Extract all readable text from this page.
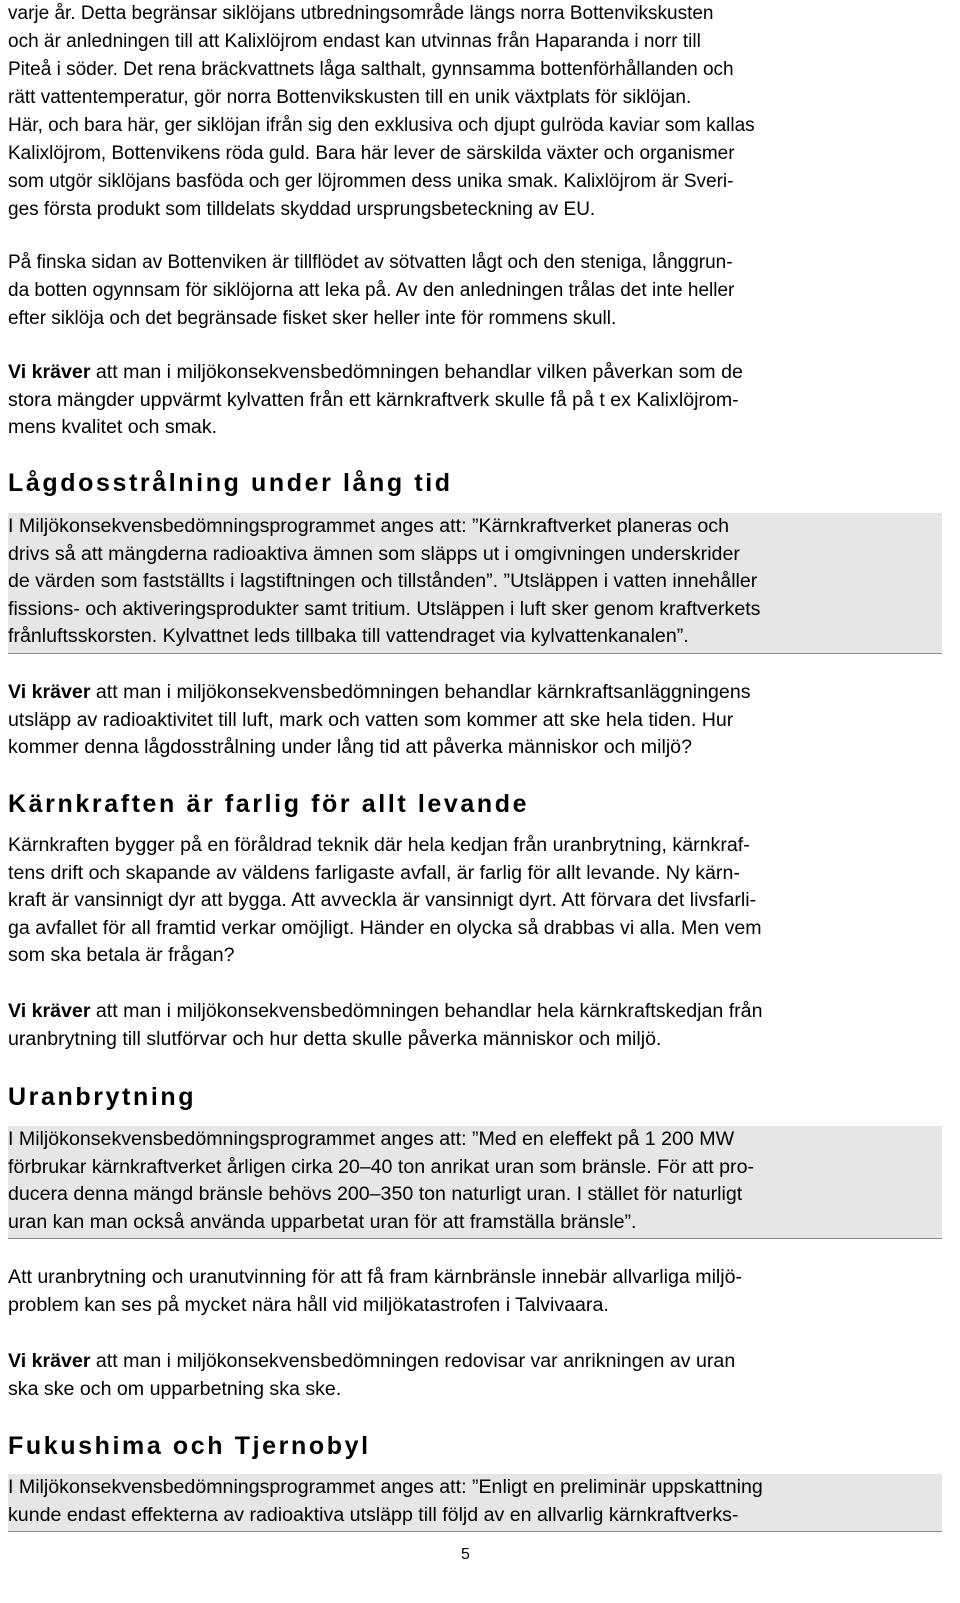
varje år. Detta begränsar siklöjans utbredningsområde längs norra Bottenvikskusten
och är anledningen till att Kalixlöjrom endast kan utvinnas från Haparanda i norr till
Piteå i söder. Det rena bräckvattnets låga salthalt, gynnsamma bottenförhållanden och
rätt vattentemperatur, gör norra Bottenvikskusten till en unik växtplats för siklöjan.
Här, och bara här, ger siklöjan ifrån sig den exklusiva och djupt gulröda kaviar som kallas
Kalixlöjrom, Bottenvikens röda guld. Bara här lever de särskilda växter och organismer
som utgör siklöjans basföda och ger löjrommen dess unika smak. Kalixlöjrom är Sveri-
ges första produkt som tilldelats skyddad ursprungsbeteckning av EU.
På finska sidan av Bottenviken är tillflödet av sötvatten lågt och den steniga, långgrun-
da botten ogynnsam för siklöjorna att leka på. Av den anledningen trålas det inte heller
efter siklöja och det begränsade fisket sker heller inte för rommens skull.
Vi kräver att man i miljökonsekvensbedömningen behandlar vilken påverkan som de
stora mängder uppvärmt kylvatten från ett kärnkraftverk skulle få på t ex Kalixlöjrom-
mens kvalitet och smak.
Lågdosstrålning under lång tid
I Miljökonsekvensbedömningsprogrammet anges att: ”Kärnkraftverket planeras och
drivs så att mängderna radioaktiva ämnen som släpps ut i omgivningen underskrider
de värden som fastställts i lagstiftningen och tillstånden”. ”Utsläppen i vatten innehåller
fissions- och aktiveringsprodukter samt tritium. Utsläppen i luft sker genom kraftverkets
frånluftsskorsten. Kylvattnet leds tillbaka till vattendraget via kylvattenkanalen”.
Vi kräver att man i miljökonsekvensbedömningen behandlar kärnkraftsanläggningens
utsläpp av radioaktivitet till luft, mark och vatten som kommer att ske hela tiden. Hur
kommer denna lågdosstrålning under lång tid att påverka människor och miljö?
Kärnkraften är farlig för allt levande
Kärnkraften bygger på en föråldrad teknik där hela kedjan från uranbrytning, kärnkraf-
tens drift och skapande av väldens farligaste avfall, är farlig för allt levande. Ny kärn-
kraft är vansinnigt dyr att bygga. Att avveckla är vansinnigt dyrt. Att förvara det livsfarli-
ga avfallet för all framtid verkar omöjligt. Händer en olycka så drabbas vi alla. Men vem
som ska betala är frågan?
Vi kräver att man i miljökonsekvensbedömningen behandlar hela kärnkraftskedjan från
uranbrytning till slutförvar och hur detta skulle påverka människor och miljö.
Uranbrytning
I Miljökonsekvensbedömningsprogrammet anges att: ”Med en eleffekt på 1 200 MW
förbrukar kärnkraftverket årligen cirka 20–40 ton anrikat uran som bränsle. För att pro-
ducera denna mängd bränsle behövs 200–350 ton naturligt uran. I stället för naturligt
uran kan man också använda upparbetat uran för att framställa bränsle”.
Att uranbrytning och uranutvinning för att få fram kärnbränsle innebär allvarliga miljö-
problem kan ses på mycket nära håll vid miljökatastrofen i Talvivaara.
Vi kräver att man i miljökonsekvensbedömningen redovisar var anrikningen av uran
ska ske och om upparbetning ska ske.
Fukushima och Tjernobyl
I Miljökonsekvensbedömningsprogrammet anges att: ”Enligt en preliminär uppskattning
kunde endast effekterna av radioaktiva utsläpp till följd av en allvarlig kärnkraftverks-
5
